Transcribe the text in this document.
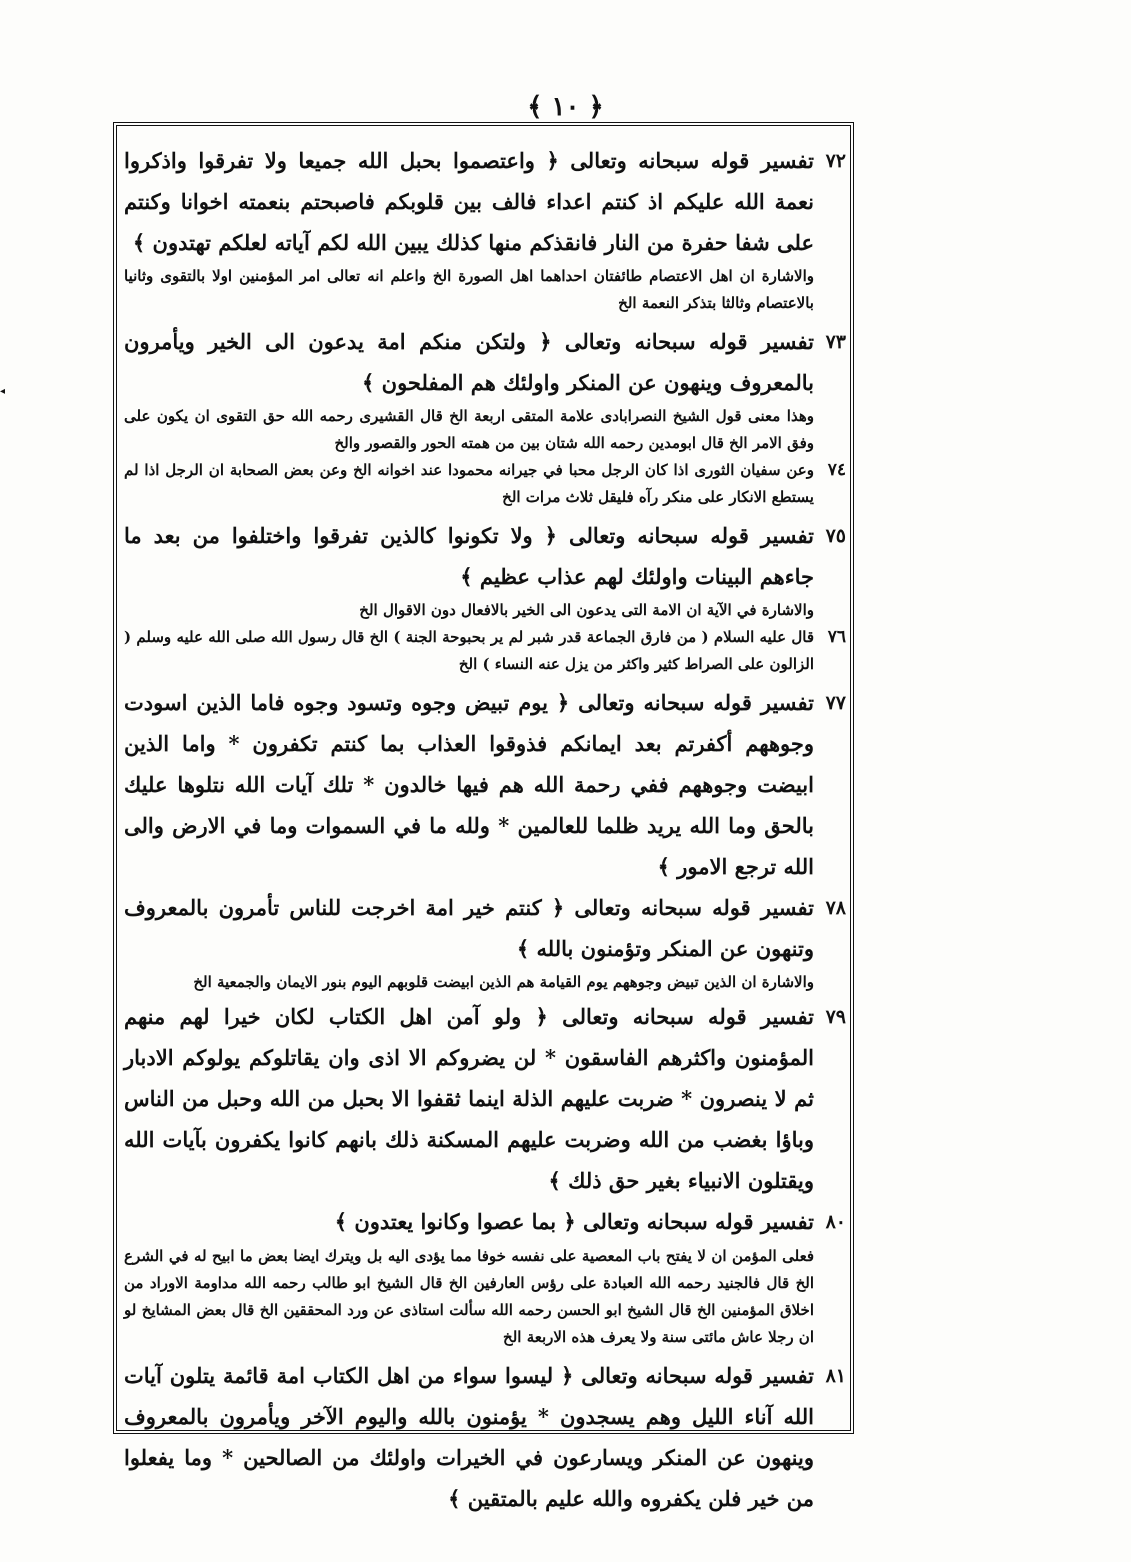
﴿ ١٠ ﴾
◂
٧٢
تفسير قوله سبحانه وتعالى ﴿ واعتصموا بحبل الله جميعا ولا تفرقوا واذكروا نعمة الله عليكم اذ كنتم اعداء فالف بين قلوبكم فاصبحتم بنعمته اخوانا وكنتم على شفا حفرة من النار فانقذكم منها كذلك يبين الله لكم آياته لعلكم تهتدون ﴾
والاشارة ان اهل الاعتصام طائفتان احداهما اهل الصورة الخ واعلم انه تعالى امر المؤمنين اولا بالتقوى وثانيا بالاعتصام وثالثا بتذكر النعمة الخ
٧٣
تفسير قوله سبحانه وتعالى ﴿ ولتكن منكم امة يدعون الى الخير ويأمرون بالمعروف وينهون عن المنكر واولئك هم المفلحون ﴾
وهذا معنى قول الشيخ النصرابادى علامة المتقى اربعة الخ قال القشيرى رحمه الله حق التقوى ان يكون على وفق الامر الخ قال ابومدين رحمه الله شتان بين من همته الحور والقصور والخ
٧٤
وعن سفيان الثورى اذا كان الرجل محبا في جيرانه محمودا عند اخوانه الخ وعن بعض الصحابة ان الرجل اذا لم يستطع الانكار على منكر رآه فليقل ثلاث مرات الخ
٧٥
تفسير قوله سبحانه وتعالى ﴿ ولا تكونوا كالذين تفرقوا واختلفوا من بعد ما جاءهم البينات واولئك لهم عذاب عظيم ﴾
والاشارة في الآية ان الامة التى يدعون الى الخير بالافعال دون الاقوال الخ
٧٦
قال عليه السلام ( من فارق الجماعة قدر شبر لم ير بحبوحة الجنة ) الخ قال رسول الله صلى الله عليه وسلم ( الزالون على الصراط كثير واكثر من يزل عنه النساء ) الخ
٧٧
تفسير قوله سبحانه وتعالى ﴿ يوم تبيض وجوه وتسود وجوه فاما الذين اسودت وجوههم أكفرتم بعد ايمانكم فذوقوا العذاب بما كنتم تكفرون * واما الذين ابيضت وجوههم ففي رحمة الله هم فيها خالدون * تلك آيات الله نتلوها عليك بالحق وما الله يريد ظلما للعالمين * ولله ما في السموات وما في الارض والى الله ترجع الامور ﴾
٧٨
تفسير قوله سبحانه وتعالى ﴿ كنتم خير امة اخرجت للناس تأمرون بالمعروف وتنهون عن المنكر وتؤمنون بالله ﴾
والاشارة ان الذين تبيض وجوههم يوم القيامة هم الذين ابيضت قلوبهم اليوم بنور الايمان والجمعية الخ
٧٩
تفسير قوله سبحانه وتعالى ﴿ ولو آمن اهل الكتاب لكان خيرا لهم منهم المؤمنون واكثرهم الفاسقون * لن يضروكم الا اذى وان يقاتلوكم يولوكم الادبار ثم لا ينصرون * ضربت عليهم الذلة اينما ثقفوا الا بحبل من الله وحبل من الناس وباؤا بغضب من الله وضربت عليهم المسكنة ذلك بانهم كانوا يكفرون بآيات الله ويقتلون الانبياء بغير حق ذلك ﴾
٨٠
تفسير قوله سبحانه وتعالى ﴿ بما عصوا وكانوا يعتدون ﴾
فعلى المؤمن ان لا يفتح باب المعصية على نفسه خوفا مما يؤدى اليه بل ويترك ايضا بعض ما ابيح له في الشرع الخ قال فالجنيد رحمه الله العبادة على رؤس العارفين الخ قال الشيخ ابو طالب رحمه الله مداومة الاوراد من اخلاق المؤمنين الخ قال الشيخ ابو الحسن رحمه الله سألت استاذى عن ورد المحققين الخ قال بعض المشايخ لو ان رجلا عاش مائتى سنة ولا يعرف هذه الاربعة الخ
٨١
تفسير قوله سبحانه وتعالى ﴿ ليسوا سواء من اهل الكتاب امة قائمة يتلون آيات الله آناء الليل وهم يسجدون * يؤمنون بالله واليوم الآخر ويأمرون بالمعروف وينهون عن المنكر ويسارعون في الخيرات واولئك من الصالحين * وما يفعلوا من خير فلن يكفروه والله عليم بالمتقين ﴾
